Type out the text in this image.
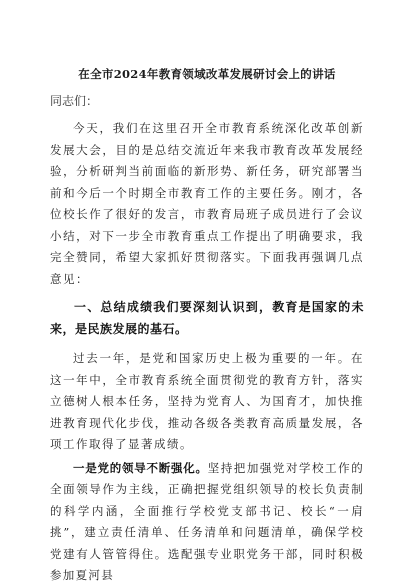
在全市2024年教育领域改革发展研讨会上的讲话
同志们：

今天，我们在这里召开全市教育系统深化改革创新发展大会，目的是总结交流近年来我市教育改革发展经验，分析研判当前面临的新形势、新任务，研究部署当前和今后一个时期全市教育工作的主要任务。刚才，各位校长作了很好的发言，市教育局班子成员进行了会议小结，对下一步全市教育重点工作提出了明确要求，我完全赞同，希望大家抓好贯彻落实。下面我再强调几点意见：

一、总结成绩我们要深刻认识到，教育是国家的未来，是民族发展的基石。

过去一年，是党和国家历史上极为重要的一年。在这一年中，全市教育系统全面贯彻党的教育方针，落实立德树人根本任务，坚持为党育人、为国育才，加快推进教育现代化步伐，推动各级各类教育高质量发展，各项工作取得了显著成绩。

一是党的领导不断强化。坚持把加强党对学校工作的全面领导作为主线，正确把握党组织领导的校长负责制的科学内涵，全面推行学校党支部书记、校长“一肩挑”，建立责任清单、任务清单和问题清单，确保学校党建有人管管得住。选配强专业职党务干部，同时积极参加夏河县
